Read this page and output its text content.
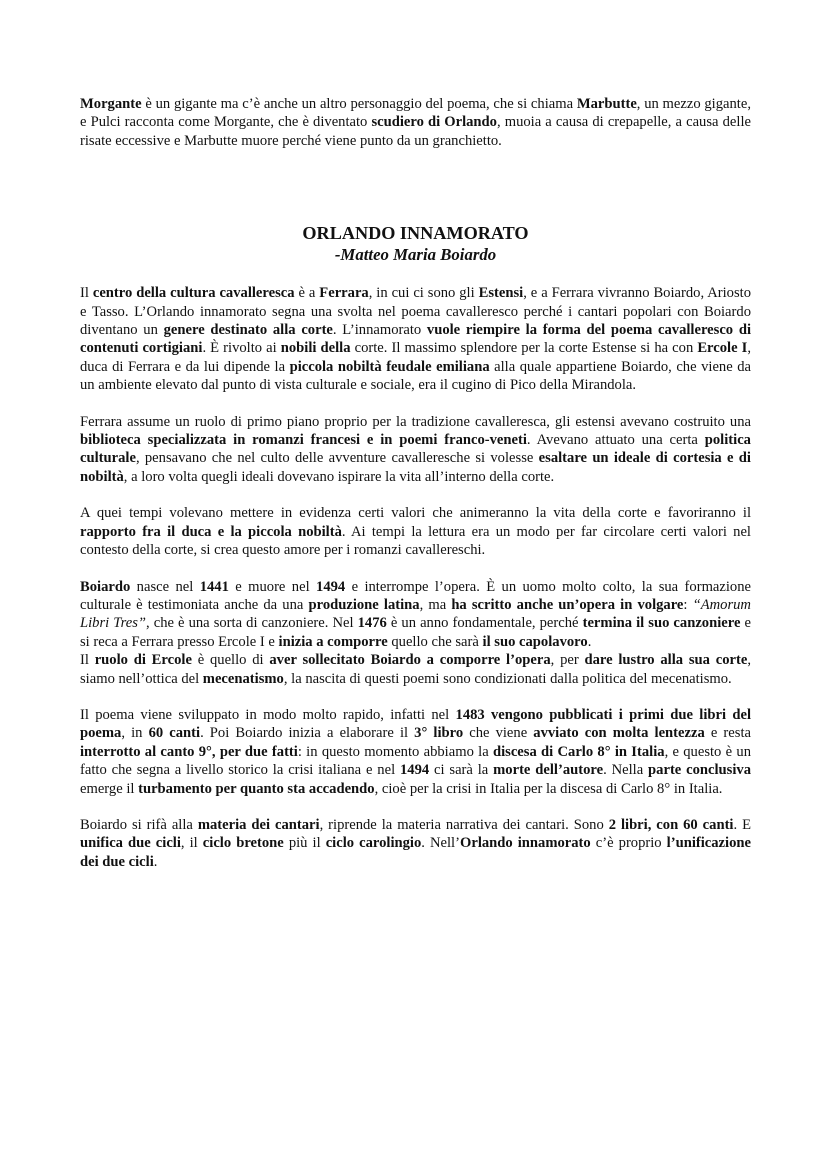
Morgante è un gigante ma c’è anche un altro personaggio del poema, che si chiama Marbutte, un mezzo gigante, e Pulci racconta come Morgante, che è diventato scudiero di Orlando, muoia a causa di crepapelle, a causa delle risate eccessive e Marbutte muore perché viene punto da un granchietto.

ORLANDO INNAMORATO
-Matteo Maria Boiardo

Il centro della cultura cavalleresca è a Ferrara, in cui ci sono gli Estensi, e a Ferrara vivranno Boiardo, Ariosto e Tasso. L’Orlando innamorato segna una svolta nel poema cavalleresco perché i cantari popolari con Boiardo diventano un genere destinato alla corte. L’innamorato vuole riempire la forma del poema cavalleresco di contenuti cortigiani. È rivolto ai nobili della corte. Il massimo splendore per la corte Estense si ha con Ercole I, duca di Ferrara e da lui dipende la piccola nobiltà feudale emiliana alla quale appartiene Boiardo, che viene da un ambiente elevato dal punto di vista culturale e sociale, era il cugino di Pico della Mirandola.

Ferrara assume un ruolo di primo piano proprio per la tradizione cavalleresca, gli estensi avevano costruito una biblioteca specializzata in romanzi francesi e in poemi franco-veneti. Avevano attuato una certa politica culturale, pensavano che nel culto delle avventure cavalleresche si volesse esaltare un ideale di cortesia e di nobiltà, a loro volta quegli ideali dovevano ispirare la vita all’interno della corte.

A quei tempi volevano mettere in evidenza certi valori che animeranno la vita della corte e favoriranno il rapporto fra il duca e la piccola nobiltà. Ai tempi la lettura era un modo per far circolare certi valori nel contesto della corte, si crea questo amore per i romanzi cavallereschi.

Boiardo nasce nel 1441 e muore nel 1494 e interrompe l’opera. È un uomo molto colto, la sua formazione culturale è testimoniata anche da una produzione latina, ma ha scritto anche un’opera in volgare: “Amorum Libri Tres”, che è una sorta di canzoniere. Nel 1476 è un anno fondamentale, perché termina il suo canzoniere e si reca a Ferrara presso Ercole I e inizia a comporre quello che sarà il suo capolavoro.

Il ruolo di Ercole è quello di aver sollecitato Boiardo a comporre l’opera, per dare lustro alla sua corte, siamo nell’ottica del mecenatismo, la nascita di questi poemi sono condizionati dalla politica del mecenatismo.

Il poema viene sviluppato in modo molto rapido, infatti nel 1483 vengono pubblicati i primi due libri del poema, in 60 canti. Poi Boiardo inizia a elaborare il 3° libro che viene avviato con molta lentezza e resta interrotto al canto 9°, per due fatti: in questo momento abbiamo la discesa di Carlo 8° in Italia, e questo è un fatto che segna a livello storico la crisi italiana e nel 1494 ci sarà la morte dell’autore. Nella parte conclusiva emerge il turbamento per quanto sta accadendo, cioè per la crisi in Italia per la discesa di Carlo 8° in Italia.

Boiardo si rifà alla materia dei cantari, riprende la materia narrativa dei cantari. Sono 2 libri, con 60 canti. E unifica due cicli, il ciclo bretone più il ciclo carolingio. Nell’Orlando innamorato c’è proprio l’unificazione dei due cicli.
